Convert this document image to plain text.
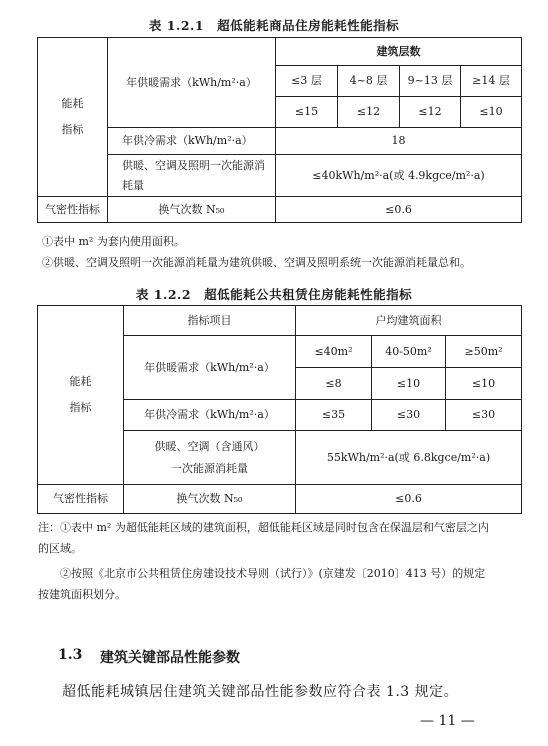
表 1.2.1　超低能耗商品住房能耗性能指标
能耗
指标	年供暖需求（kWh/m²·a）	建筑层数			
		≤3 层	4~8 层	9~13 层	≥14 层
		≤15	≤12	≤12	≤10
	年供冷需求（kWh/m²·a）	18			
	供暖、空调及照明一次能源消耗量	≤40kWh/m²·a(或 4.9kgce/m²·a)			
气密性指标	换气次数 N₅₀	≤0.6			
①表中 m² 为套内使用面积。
②供暖、空调及照明一次能源消耗量为建筑供暖、空调及照明系统一次能源消耗量总和。
表 1.2.2　超低能耗公共租赁住房能耗性能指标
能耗
指标	指标项目	户均建筑面积		
	年供暖需求（kWh/m²·a）	≤40m²	40-50m²	≥50m²
		≤8	≤10	≤10
	年供冷需求（kWh/m²·a）	≤35	≤30	≤30
	供暖、空调（含通风）
一次能源消耗量	55kWh/m²·a(或 6.8kgce/m²·a)		
气密性指标	换气次数 N₅₀	≤0.6		
注：①表中 m² 为超低能耗区域的建筑面积，超低能耗区域是同时包含在保温层和气密层之内
的区域。
②按照《北京市公共租赁住房建设技术导则（试行）》(京建发〔2010〕413 号）的规定
按建筑面积划分。
1.3 建筑关键部品性能参数
超低能耗城镇居住建筑关键部品性能参数应符合表 1.3 规定。
— 11 —
